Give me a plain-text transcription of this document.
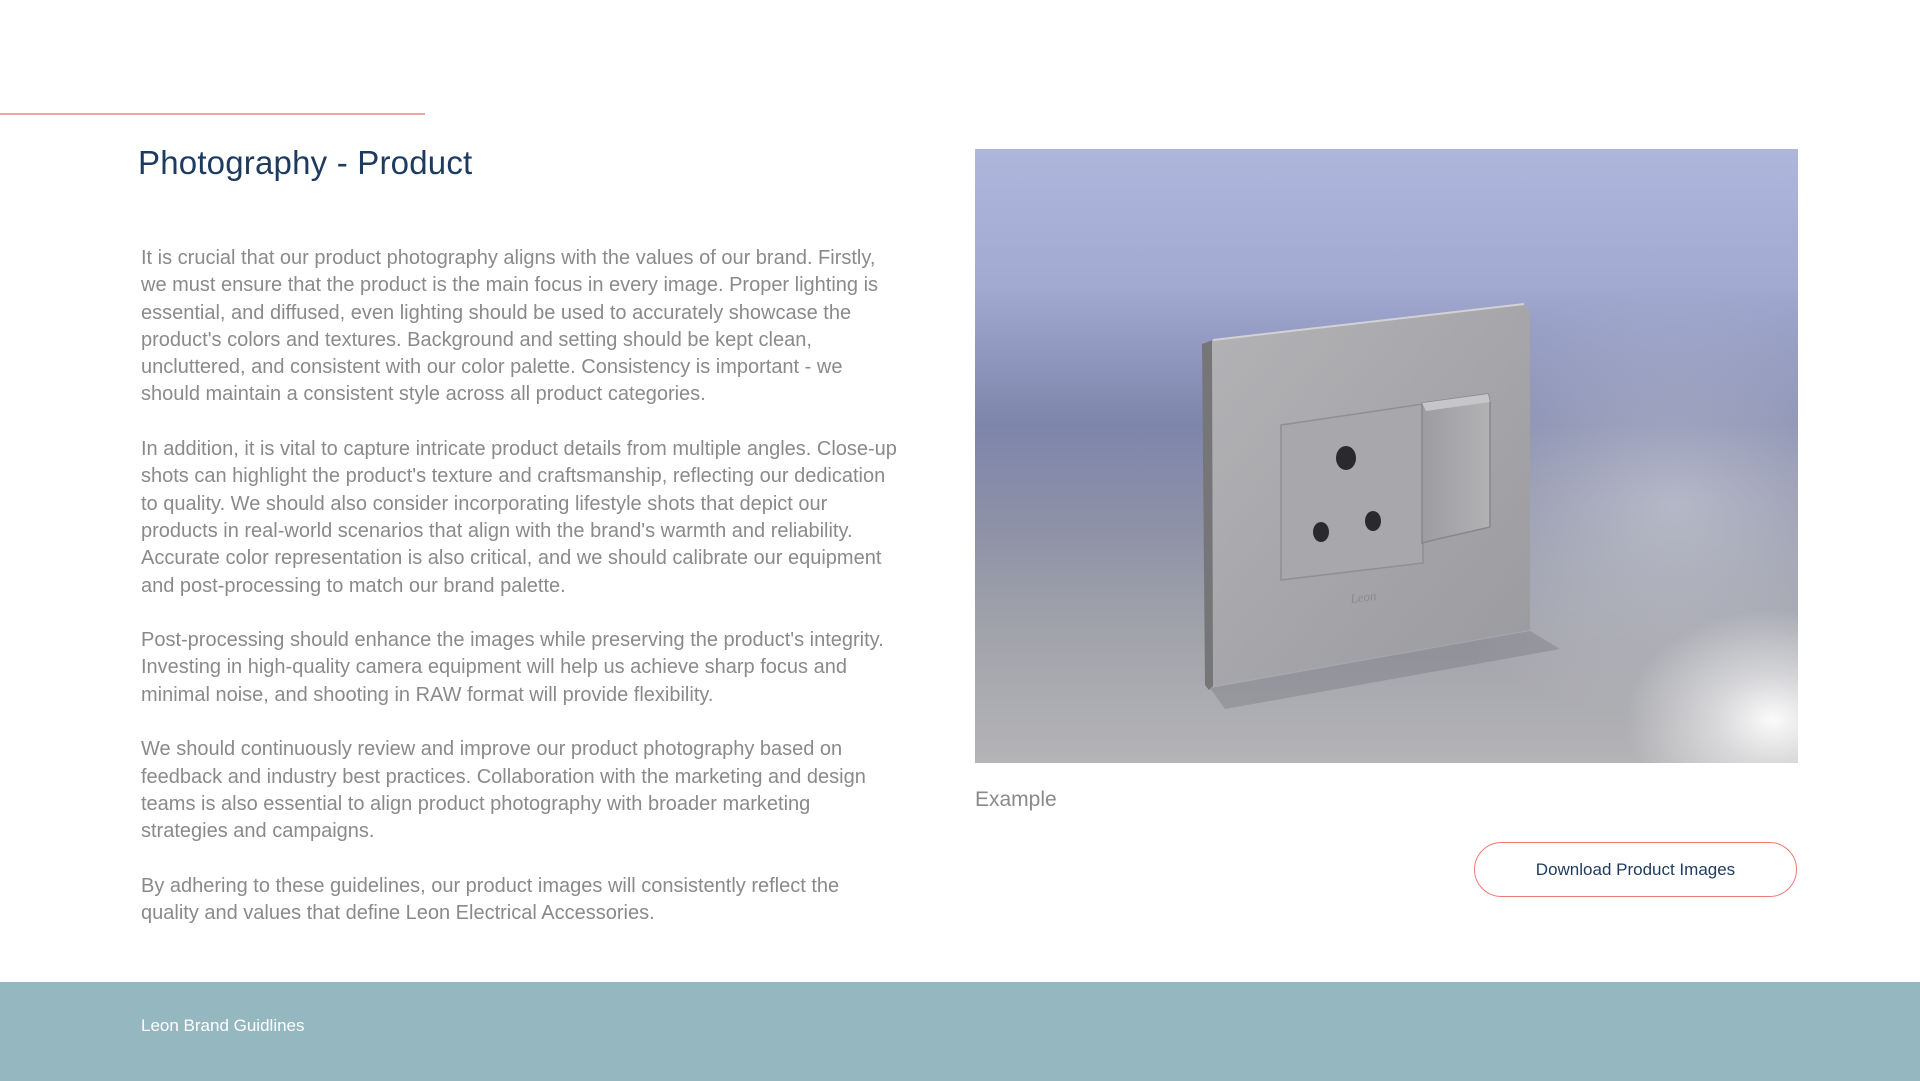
Photography - Product

It is crucial that our product photography aligns with the values of our brand. Firstly, we must ensure that the product is the main focus in every image. Proper lighting is essential, and diffused, even lighting should be used to accurately showcase the product's colors and textures. Background and setting should be kept clean, uncluttered, and consistent with our color palette. Consistency is important - we should maintain a consistent style across all product categories.

In addition, it is vital to capture intricate product details from multiple angles. Close-up shots can highlight the product's texture and craftsmanship, reflecting our dedication to quality. We should also consider incorporating lifestyle shots that depict our products in real-world scenarios that align with the brand's warmth and reliability. Accurate color representation is also critical, and we should calibrate our equipment and post-processing to match our brand palette.

Post-processing should enhance the images while preserving the product's integrity. Investing in high-quality camera equipment will help us achieve sharp focus and minimal noise, and shooting in RAW format will provide flexibility.

We should continuously review and improve our product photography based on feedback and industry best practices. Collaboration with the marketing and design teams is also essential to align product photography with broader marketing strategies and campaigns.

By adhering to these guidelines, our product images will consistently reflect the quality and values that define Leon Electrical Accessories.

Leon
Example
Download Product Images
Leon Brand Guidlines
